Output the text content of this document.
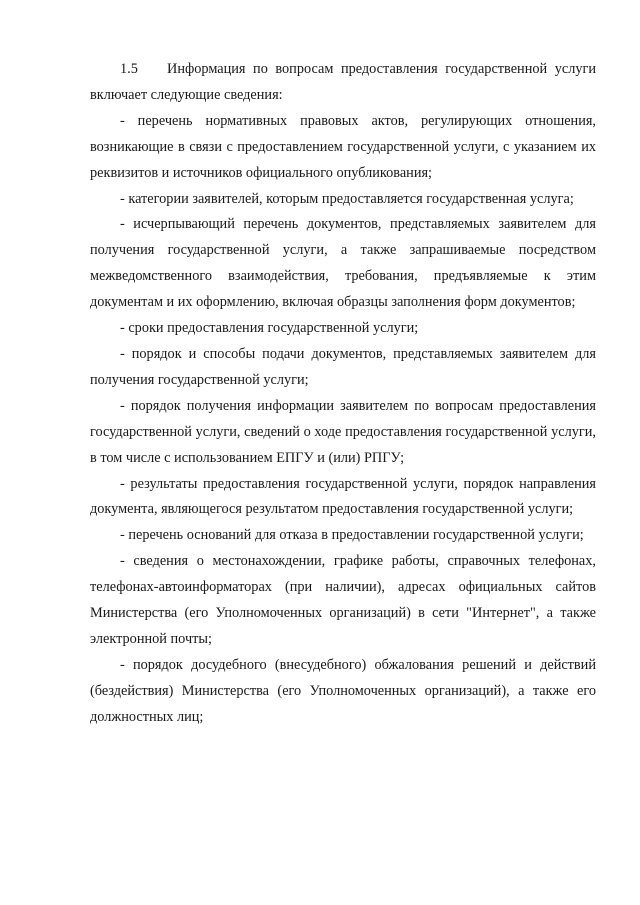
1.5 Информация по вопросам предоставления государственной услуги включает следующие сведения:

- перечень нормативных правовых актов, регулирующих отношения, возникающие в связи с предоставлением государственной услуги, с указанием их реквизитов и источников официального опубликования;

- категории заявителей, которым предоставляется государственная услуга;

- исчерпывающий перечень документов, представляемых заявителем для получения государственной услуги, а также запрашиваемые посредством межведомственного взаимодействия, требования, предъявляемые к этим документам и их оформлению, включая образцы заполнения форм документов;

- сроки предоставления государственной услуги;

- порядок и способы подачи документов, представляемых заявителем для получения государственной услуги;

- порядок получения информации заявителем по вопросам предоставления государственной услуги, сведений о ходе предоставления государственной услуги, в том числе с использованием ЕПГУ и (или) РПГУ;

- результаты предоставления государственной услуги, порядок направления документа, являющегося результатом предоставления государственной услуги;

- перечень оснований для отказа в предоставлении государственной услуги;

- сведения о местонахождении, графике работы, справочных телефонах, телефонах-автоинформаторах (при наличии), адресах официальных сайтов Министерства (его Уполномоченных организаций) в сети "Интернет", а также электронной почты;

- порядок досудебного (внесудебного) обжалования решений и действий (бездействия) Министерства (его Уполномоченных организаций), а также его должностных лиц;
